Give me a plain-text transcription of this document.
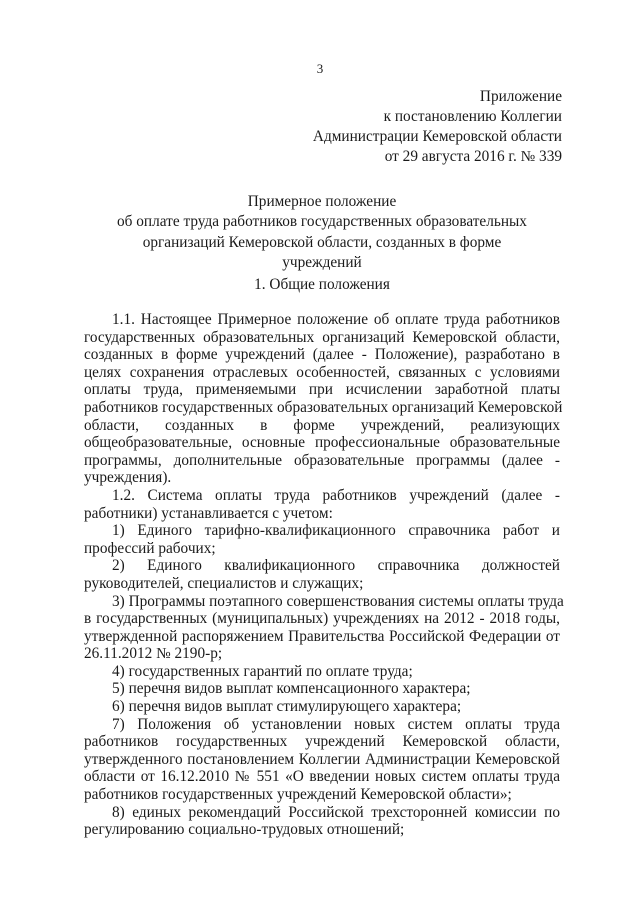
3
Приложение
к постановлению Коллегии
Администрации Кемеровской области
от 29 августа 2016 г. № 339
Примерное положение
об оплате труда работников государственных образовательных
организаций Кемеровской области, созданных в форме
учреждений
1. Общие положения
1.1. Настоящее Примерное положение об оплате труда работников
государственных образовательных организаций Кемеровской области,
созданных в форме учреждений (далее - Положение), разработано в
целях сохранения отраслевых особенностей, связанных с условиями
оплаты труда, применяемыми при исчислении заработной платы
работников государственных образовательных организаций Кемеровской
области, созданных в форме учреждений, реализующих
общеобразовательные, основные профессиональные образовательные
программы, дополнительные образовательные программы (далее -
учреждения).
1.2. Система оплаты труда работников учреждений (далее -
работники) устанавливается с учетом:
1) Единого тарифно-квалификационного справочника работ и
профессий рабочих;
2) Единого квалификационного справочника должностей
руководителей, специалистов и служащих;
3) Программы поэтапного совершенствования системы оплаты труда
в государственных (муниципальных) учреждениях на 2012 - 2018 годы,
утвержденной распоряжением Правительства Российской Федерации от
26.11.2012 № 2190-р;
4) государственных гарантий по оплате труда;
5) перечня видов выплат компенсационного характера;
6) перечня видов выплат стимулирующего характера;
7) Положения об установлении новых систем оплаты труда
работников государственных учреждений Кемеровской области,
утвержденного постановлением Коллегии Администрации Кемеровской
области от 16.12.2010 № 551 «О введении новых систем оплаты труда
работников государственных учреждений Кемеровской области»;
8) единых рекомендаций Российской трехсторонней комиссии по
регулированию социально-трудовых отношений;
